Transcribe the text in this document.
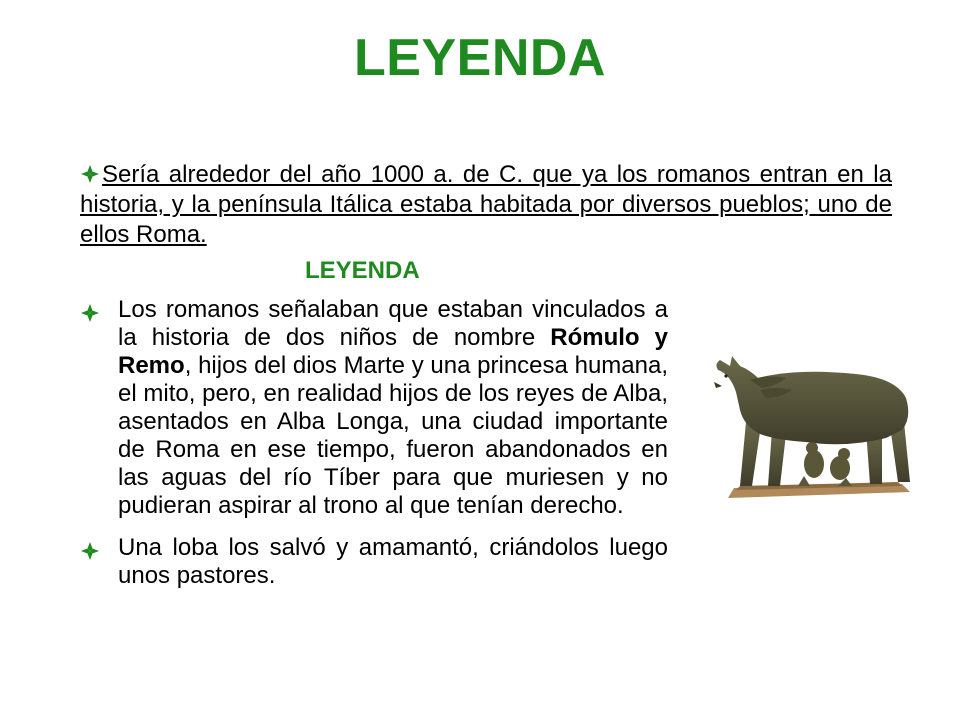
LEYENDA
Sería alrededor del año 1000 a. de C. que ya los romanos entran en la historia, y la península Itálica estaba habitada por diversos pueblos; uno de ellos Roma.
LEYENDA
Los romanos señalaban que estaban vinculados a la historia de dos niños de nombre Rómulo y Remo, hijos del dios Marte y una princesa humana, el mito, pero, en realidad hijos de los reyes de Alba, asentados en Alba Longa, una ciudad importante de Roma en ese tiempo, fueron abandonados en las aguas del río Tíber para que muriesen y no pudieran aspirar al trono al que tenían derecho.
Una loba los salvó y amamantó, criándolos luego unos pastores.
